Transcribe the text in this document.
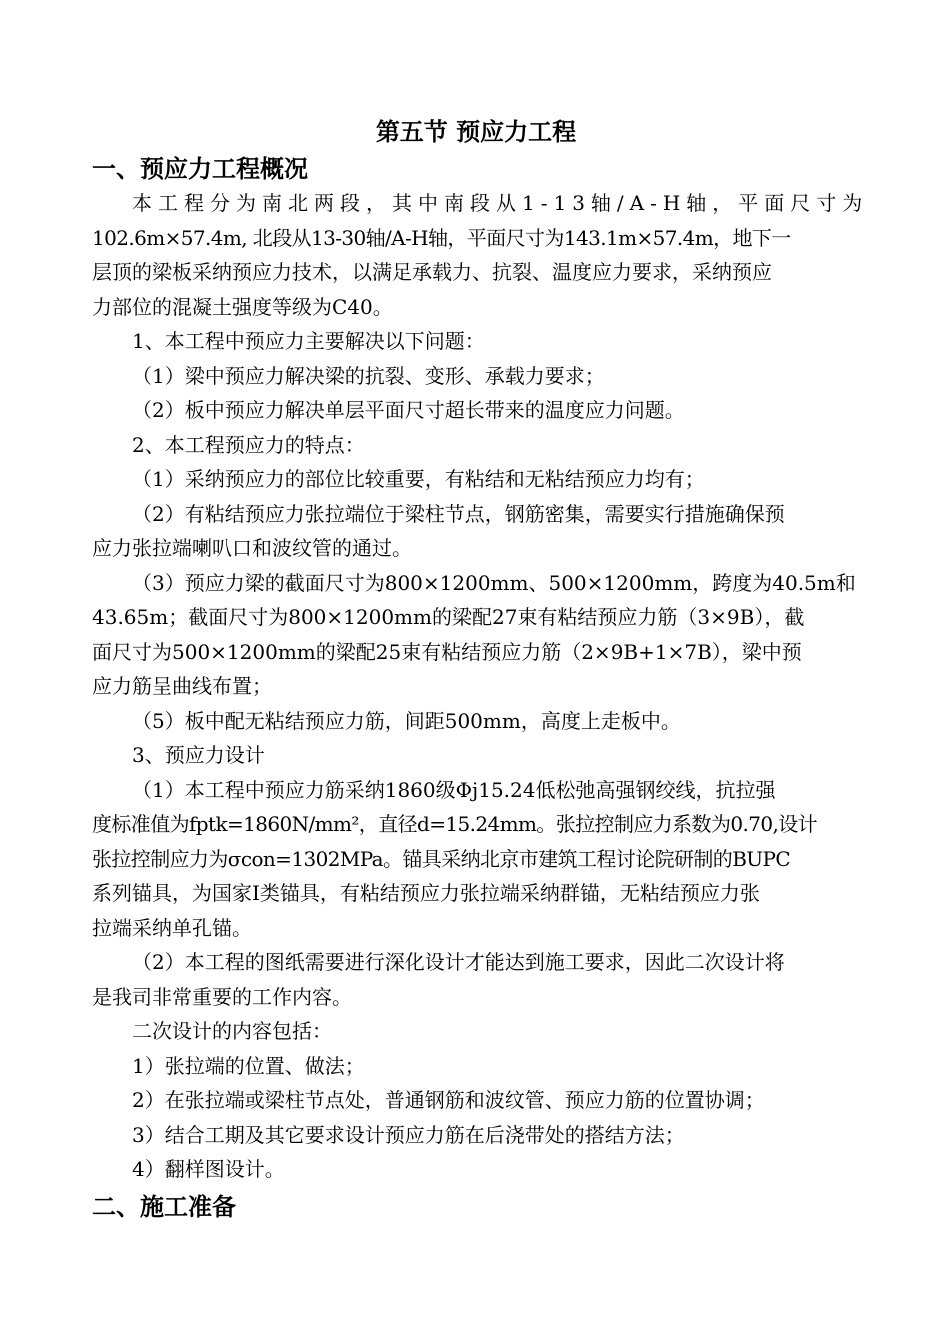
第五节 预应力工程
一、预应力工程概况

本工程分为南北两段，其中南段从1-13轴/A-H轴，平面尺寸为
102.6m×57.4m, 北段从13-30轴/A-H轴，平面尺寸为143.1m×57.4m，地下一
层顶的梁板采纳预应力技术，以满足承载力、抗裂、温度应力要求，采纳预应
力部位的混凝土强度等级为C40。

1、本工程中预应力主要解决以下问题：

（1）梁中预应力解决梁的抗裂、变形、承载力要求；

（2）板中预应力解决单层平面尺寸超长带来的温度应力问题。

2、本工程预应力的特点：

（1）采纳预应力的部位比较重要，有粘结和无粘结预应力均有；

（2）有粘结预应力张拉端位于梁柱节点，钢筋密集，需要实行措施确保预
应力张拉端喇叭口和波纹管的通过。

（3）预应力梁的截面尺寸为800×1200mm、500×1200mm，跨度为40.5m和
43.65m；截面尺寸为800×1200mm的梁配27束有粘结预应力筋（3×9B），截
面尺寸为500×1200mm的梁配25束有粘结预应力筋（2×9B+1×7B），梁中预
应力筋呈曲线布置；

（5）板中配无粘结预应力筋，间距500mm，高度上走板中。

3、预应力设计

（1）本工程中预应力筋采纳1860级Φj15.24低松弛高强钢绞线，抗拉强
度标准值为fptk=1860N/mm²，直径d=15.24mm。张拉控制应力系数为0.70,设计
张拉控制应力为σcon=1302MPa。锚具采纳北京市建筑工程讨论院研制的BUPC
系列锚具，为国家I类锚具，有粘结预应力张拉端采纳群锚，无粘结预应力张
拉端采纳单孔锚。

（2）本工程的图纸需要进行深化设计才能达到施工要求，因此二次设计将
是我司非常重要的工作内容。

二次设计的内容包括：

1）张拉端的位置、做法；

2）在张拉端或梁柱节点处，普通钢筋和波纹管、预应力筋的位置协调；

3）结合工期及其它要求设计预应力筋在后浇带处的搭结方法；

4）翻样图设计。

二、施工准备
